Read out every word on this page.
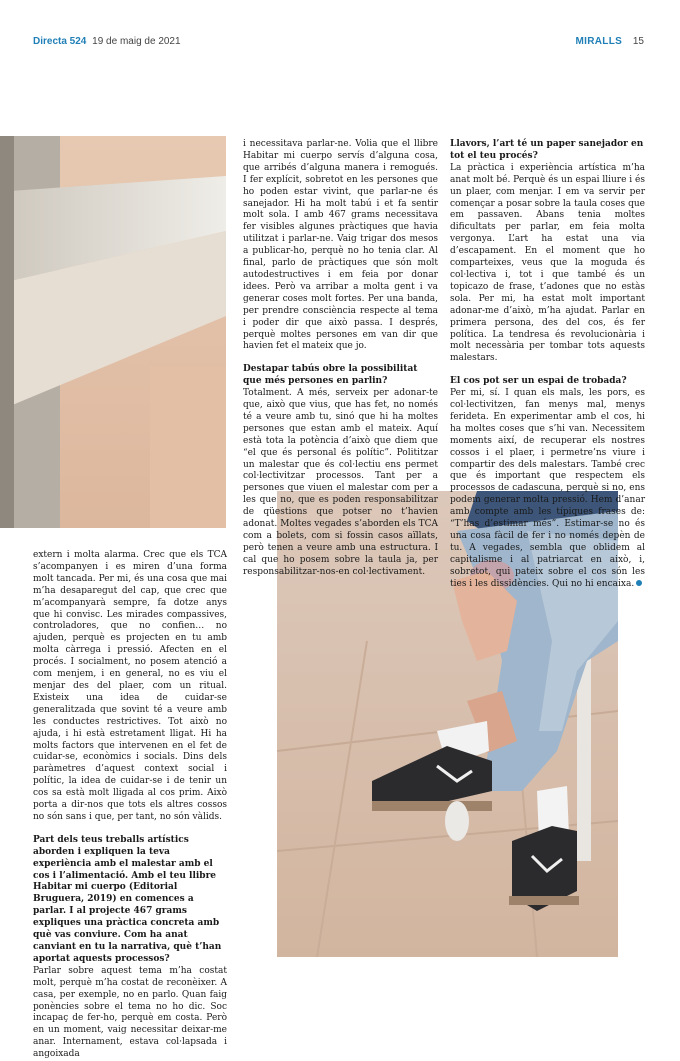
Directa 524 19 de maig de 2021	MIRALLS 15

extern i molta alarma. Crec que els TCA s’acompanyen i es miren d’una forma molt tancada. Per mi, és una cosa que mai m’ha desaparegut del cap, que crec que m’acompanyarà sempre, fa dotze anys que hi convisc. Les mirades compassives, controladores, que no confien… no ajuden, perquè es projecten en tu amb molta càrrega i pressió. Afecten en el procés. I socialment, no posem atenció a com menjem, i en general, no es viu el menjar des del plaer, com un ritual. Existeix una idea de cuidar-se generalitzada que sovint té a veure amb les conductes restrictives. Tot això no ajuda, i hi està estretament lligat. Hi ha molts factors que intervenen en el fet de cuidar-se, econòmics i socials. Dins dels paràmetres d’aquest context social i polític, la idea de cuidar-se i de tenir un cos sa està molt lligada al cos prim. Això porta a dir-nos que tots els altres cossos no són sans i que, per tant, no són vàlids.

Part dels teus treballs artístics aborden i expliquen la teva experiència amb el malestar amb el cos i l’alimentació. Amb el teu llibre Habitar mi cuerpo (Editorial Bruguera, 2019) en comences a parlar. I al projecte 467 grams expliques una pràctica concreta amb què vas conviure. Com ha anat canviant en tu la narrativa, què t’han aportat aquests processos?

Parlar sobre aquest tema m’ha costat molt, perquè m’ha costat de reconèixer. A casa, per exemple, no en parlo. Quan faig ponències sobre el tema no ho dic. Soc incapaç de fer-ho, perquè em costa. Però en un moment, vaig necessitar deixar-me anar. Internament, estava col·lapsada i angoixada

i necessitava parlar-ne. Volia que el llibre Habitar mi cuerpo servís d’alguna cosa, que arribés d’alguna manera i remogués. I fer explícit, sobretot en les persones que ho poden estar vivint, que parlar-ne és sanejador. Hi ha molt tabú i et fa sentir molt sola. I amb 467 grams necessitava fer visibles algunes pràctiques que havia utilitzat i parlar-ne. Vaig trigar dos mesos a publicar-ho, perquè no ho tenia clar. Al final, parlo de pràctiques que són molt autodestructives i em feia por donar idees. Però va arribar a molta gent i va generar coses molt fortes. Per una banda, per prendre consciència respecte al tema i poder dir que això passa. I després, perquè moltes persones em van dir que havien fet el mateix que jo.

Destapar tabús obre la possibilitat que més persones en parlin?

Totalment. A més, serveix per adonar-te que, això que vius, que has fet, no només té a veure amb tu, sinó que hi ha moltes persones que estan amb el mateix. Aquí està tota la potència d’això que diem que “el que és personal és polític”. Polititzar un malestar que és col·lectiu ens permet col·lectivitzar processos. Tant per a persones que viuen el malestar com per a les que no, que es poden responsabilitzar de qüestions que potser no t’havien adonat. Moltes vegades s’aborden els TCA com a bolets, com si fossin casos aïllats, però tenen a veure amb una estructura. I cal que ho posem sobre la taula ja, per responsabilitzar-nos-en col·lectivament.

Llavors, l’art té un paper sanejador en tot el teu procés?

La pràctica i experiència artística m’ha anat molt bé. Perquè és un espai lliure i és un plaer, com menjar. I em va servir per començar a posar sobre la taula coses que em passaven. Abans tenia moltes dificultats per parlar, em feia molta vergonya. L’art ha estat una via d’escapament. En el moment que ho comparteixes, veus que la moguda és col·lectiva i, tot i que també és un topicazo de frase, t’adones que no estàs sola. Per mi, ha estat molt important adonar-me d’això, m’ha ajudat. Parlar en primera persona, des del cos, és fer política. La tendresa és revolucionària i molt necessària per tombar tots aquests malestars.

El cos pot ser un espai de trobada?

Per mi, sí. I quan els mals, les pors, es col·lectivitzen, fan menys mal, menys ferideta. En experimentar amb el cos, hi ha moltes coses que s’hi van. Necessitem moments així, de recuperar els nostres cossos i el plaer, i permetre’ns viure i compartir des dels malestars. També crec que és important que respectem els processos de cadascuna, perquè si no, ens podem generar molta pressió. Hem d’anar amb compte amb les típiques frases de: “T’has d’estimar més”. Estimar-se no és una cosa fàcil de fer i no només depèn de tu. A vegades, sembla que oblidem al capitalisme i al patriarcat en això, i, sobretot, qui pateix sobre el cos són les ties i les dissidències. Qui no hi encaixa.
